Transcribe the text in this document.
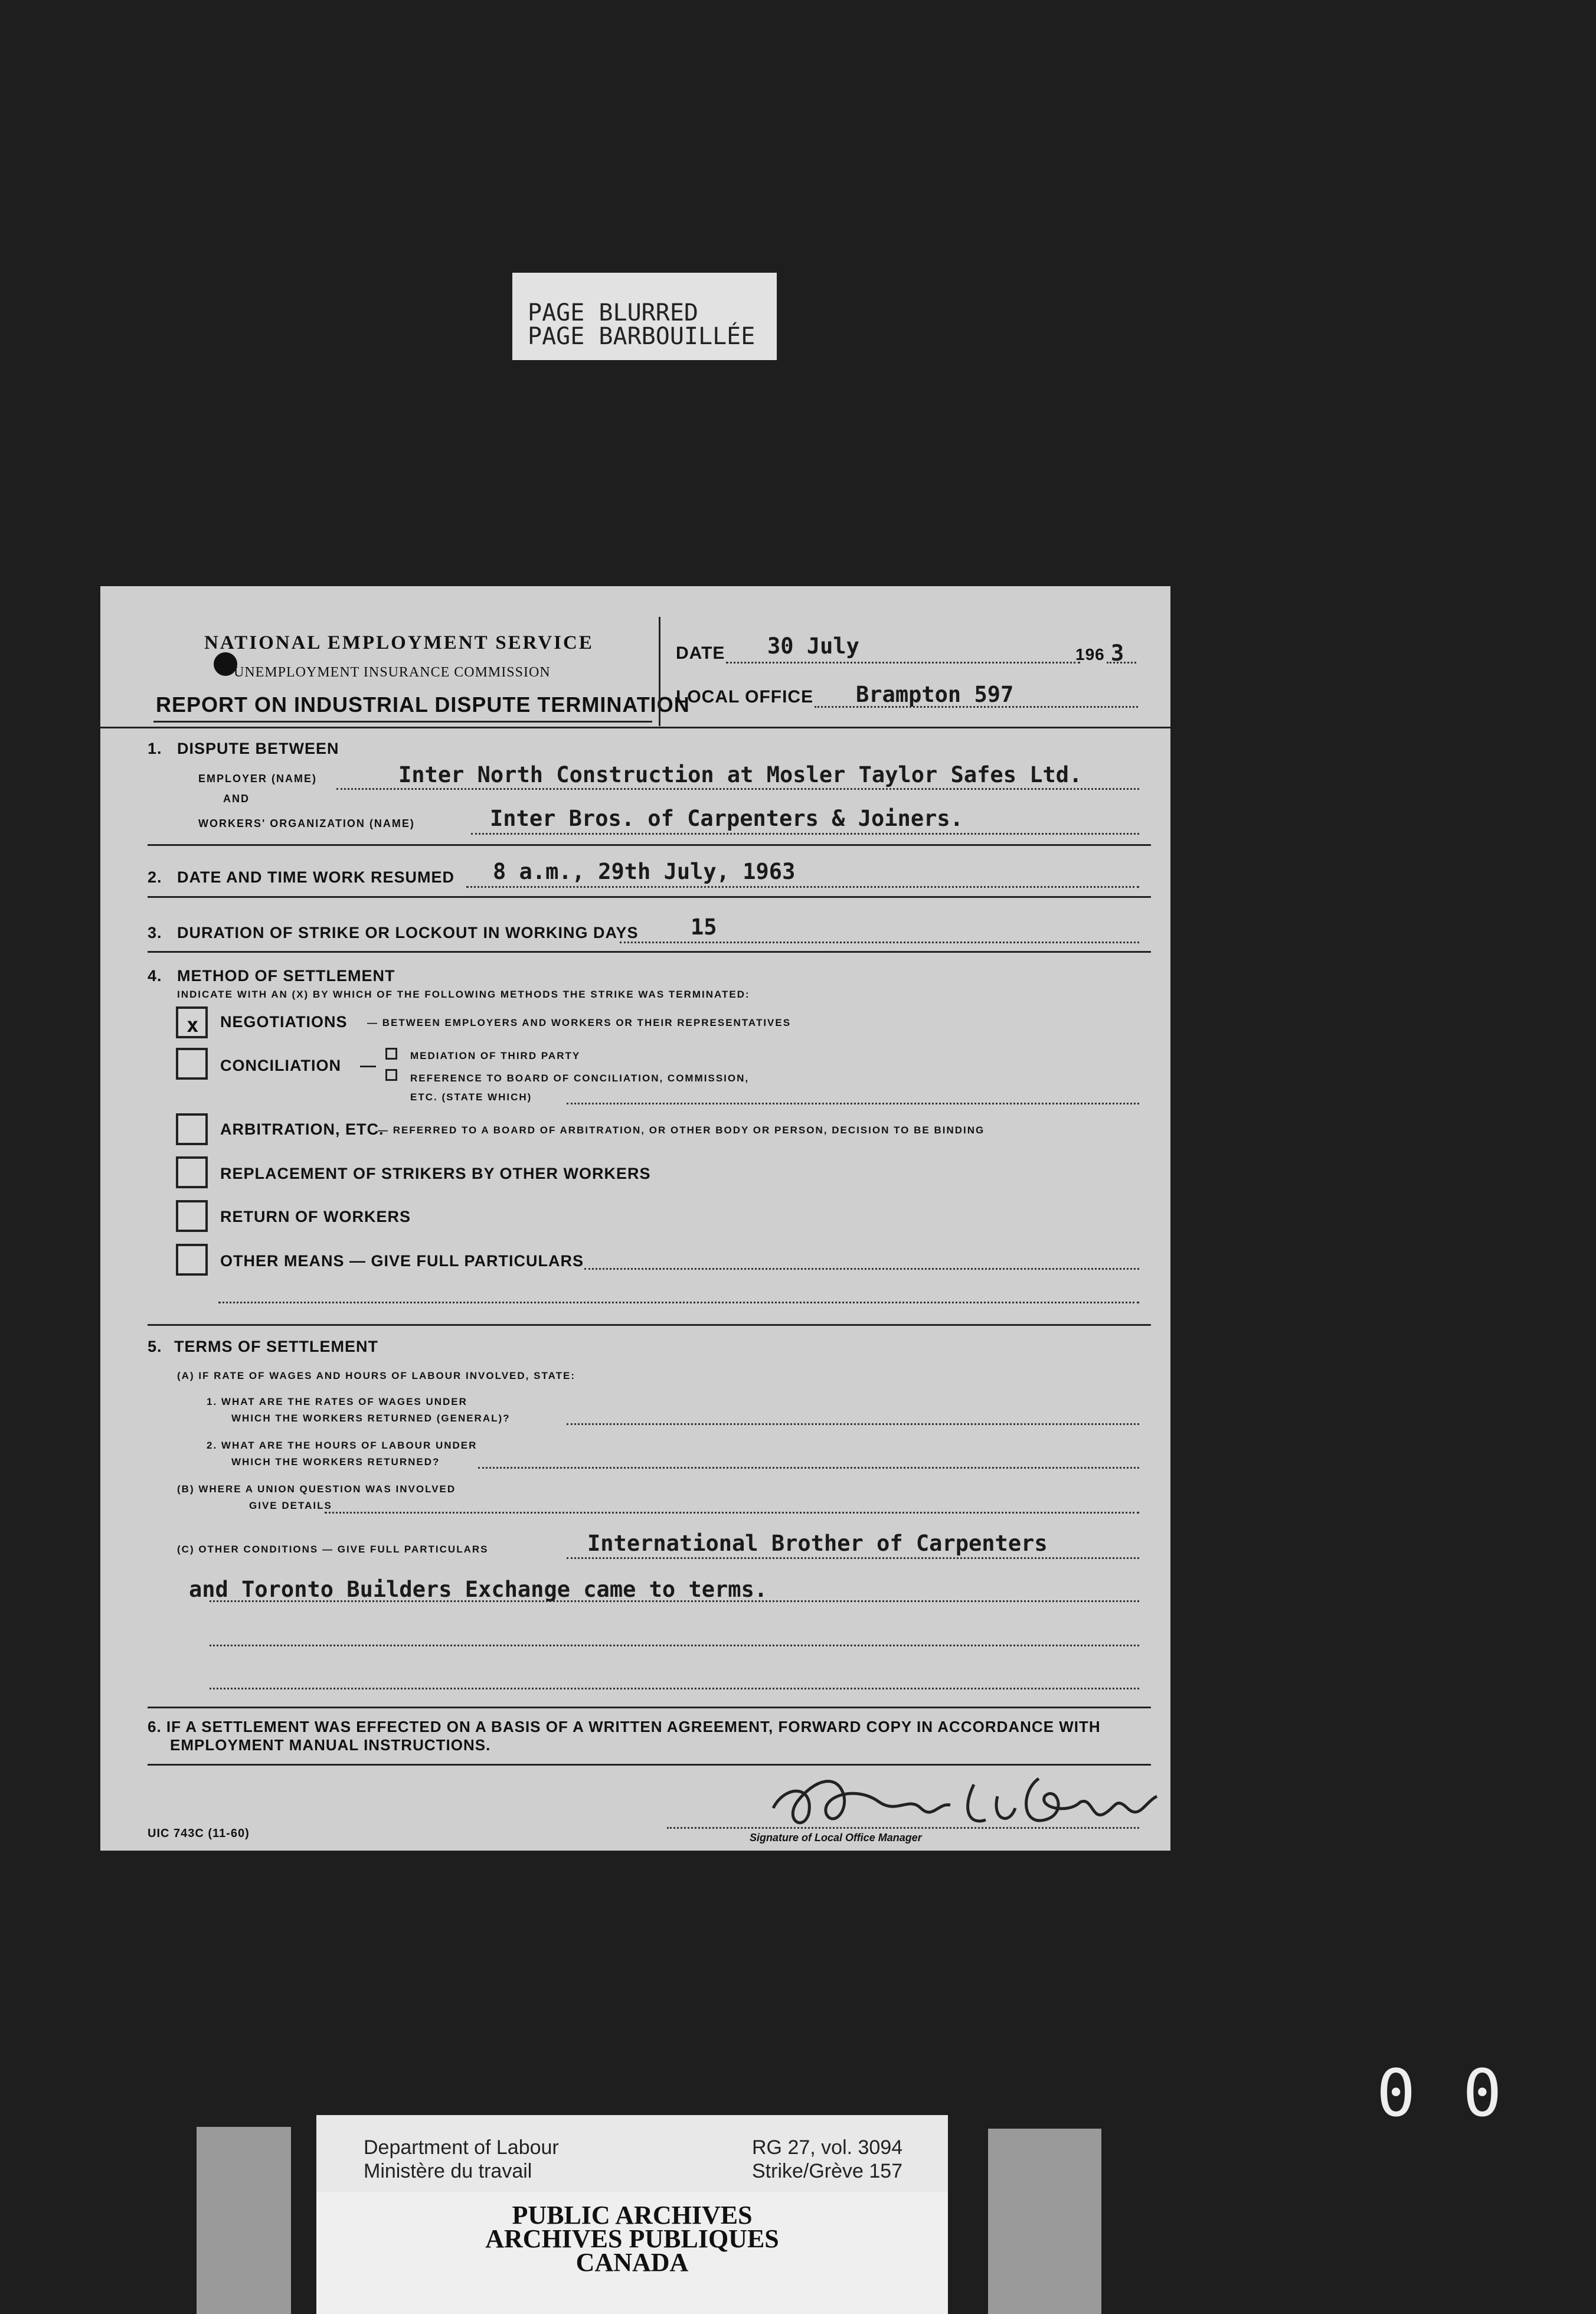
PAGE BLURRED
PAGE BARBOUILLÉE
NATIONAL EMPLOYMENT SERVICE
UNEMPLOYMENT INSURANCE COMMISSION
REPORT ON INDUSTRIAL DISPUTE TERMINATION
DATE 30 July	196 3
LOCAL OFFICE Brampton 597
1. DISPUTE BETWEEN
EMPLOYER (NAME)	Inter North Construction at Mosler Taylor Safes Ltd.
AND
WORKERS' ORGANIZATION (NAME)	Inter Bros. of Carpenters & Joiners.
2. DATE AND TIME WORK RESUMED 8 a.m., 29th July, 1963
3. DURATION OF STRIKE OR LOCKOUT IN WORKING DAYS 15
4. METHOD OF SETTLEMENT
INDICATE WITH AN (X) BY WHICH OF THE FOLLOWING METHODS THE STRIKE WAS TERMINATED:
x NEGOTIATIONS — BETWEEN EMPLOYERS AND WORKERS OR THEIR REPRESENTATIVES
CONCILIATION —
MEDIATION OF THIRD PARTY
REFERENCE TO BOARD OF CONCILIATION, COMMISSION,
ETC. (STATE WHICH)
ARBITRATION, ETC.
— REFERRED TO A BOARD OF ARBITRATION, OR OTHER BODY OR PERSON, DECISION TO BE BINDING
REPLACEMENT OF STRIKERS BY OTHER WORKERS
RETURN OF WORKERS
OTHER MEANS — GIVE FULL PARTICULARS
5. TERMS OF SETTLEMENT
(A) IF RATE OF WAGES AND HOURS OF LABOUR INVOLVED, STATE:
1. WHAT ARE THE RATES OF WAGES UNDER
WHICH THE WORKERS RETURNED (GENERAL)?
2. WHAT ARE THE HOURS OF LABOUR UNDER
WHICH THE WORKERS RETURNED?
(B) WHERE A UNION QUESTION WAS INVOLVED
GIVE DETAILS
(C) OTHER CONDITIONS — GIVE FULL PARTICULARS	International Brother of Carpenters
and Toronto Builders Exchange came to terms.
6. IF A SETTLEMENT WAS EFFECTED ON A BASIS OF A WRITTEN AGREEMENT, FORWARD COPY IN ACCORDANCE WITH
EMPLOYMENT MANUAL INSTRUCTIONS.
Signature of Local Office Manager
UIC 743C (11-60)
00
Department of Labour
Ministère du travail
RG 27, vol. 3094
Strike/Grève 157
PUBLIC ARCHIVES
ARCHIVES PUBLIQUES
CANADA
